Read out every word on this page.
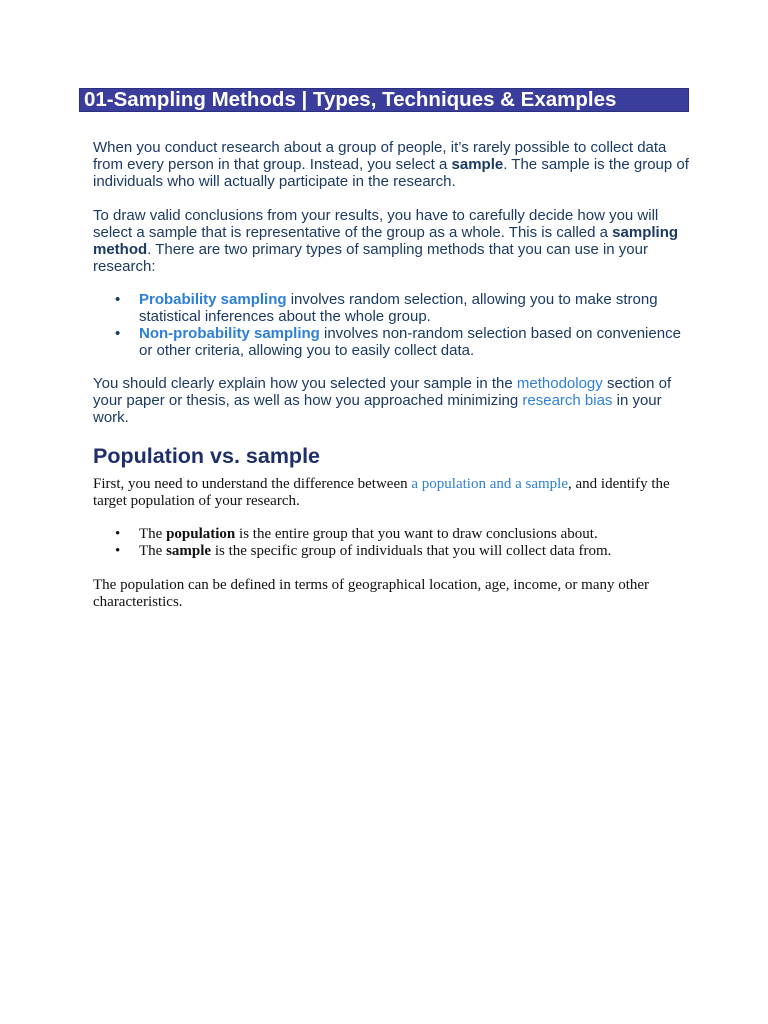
01-Sampling Methods | Types, Techniques & Examples

When you conduct research about a group of people, it’s rarely possible to collect data from every person in that group. Instead, you select a sample. The sample is the group of individuals who will actually participate in the research.

To draw valid conclusions from your results, you have to carefully decide how you will select a sample that is representative of the group as a whole. This is called a sampling method. There are two primary types of sampling methods that you can use in your research:

• Probability sampling involves random selection, allowing you to make strong statistical inferences about the whole group.
• Non-probability sampling involves non-random selection based on convenience or other criteria, allowing you to easily collect data.

You should clearly explain how you selected your sample in the methodology section of your paper or thesis, as well as how you approached minimizing research bias in your work.

Population vs. sample

First, you need to understand the difference between a population and a sample, and identify the target population of your research.

• The population is the entire group that you want to draw conclusions about.
• The sample is the specific group of individuals that you will collect data from.

The population can be defined in terms of geographical location, age, income, or many other characteristics.
